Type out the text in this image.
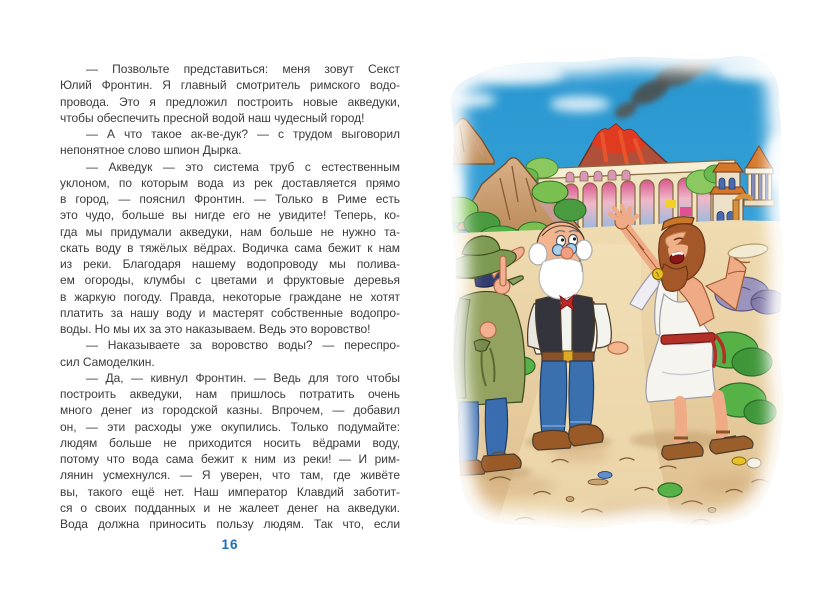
— Позвольте представиться: меня зовут Секст
Юлий Фронтин. Я главный смотритель римского водо-
провода. Это я предложил построить новые акведуки,
чтобы обеспечить пресной водой наш чудесный город!
— А что такое ак-ве-дук? — с трудом выговорил
непонятное слово шпион Дырка.
— Акведук — это система труб с естественным
уклоном, по которым вода из рек доставляется прямо
в город, — пояснил Фронтин. — Только в Риме есть
это чудо, больше вы нигде его не увидите! Теперь, ко-
гда мы придумали акведуки, нам больше не нужно та-
скать воду в тяжёлых вёдрах. Водичка сама бежит к нам
из реки. Благодаря нашему водопроводу мы полива-
ем огороды, клумбы с цветами и фруктовые деревья
в жаркую погоду. Правда, некоторые граждане не хотят
платить за нашу воду и мастерят собственные водопро-
воды. Но мы их за это наказываем. Ведь это воровство!
— Наказываете за воровство воды? — переспро-
сил Самоделкин.
— Да, — кивнул Фронтин. — Ведь для того чтобы
построить акведуки, нам пришлось потратить очень
много денег из городской казны. Впрочем, — добавил
он, — эти расходы уже окупились. Только подумайте:
людям больше не приходится носить вёдрами воду,
потому что вода сама бежит к ним из реки! — И рим-
лянин усмехнулся. — Я уверен, что там, где живёте
вы, такого ещё нет. Наш император Клавдий заботит-
ся о своих подданных и не жалеет денег на акведуки.
Вода должна приносить пользу людям. Так что, если
16
